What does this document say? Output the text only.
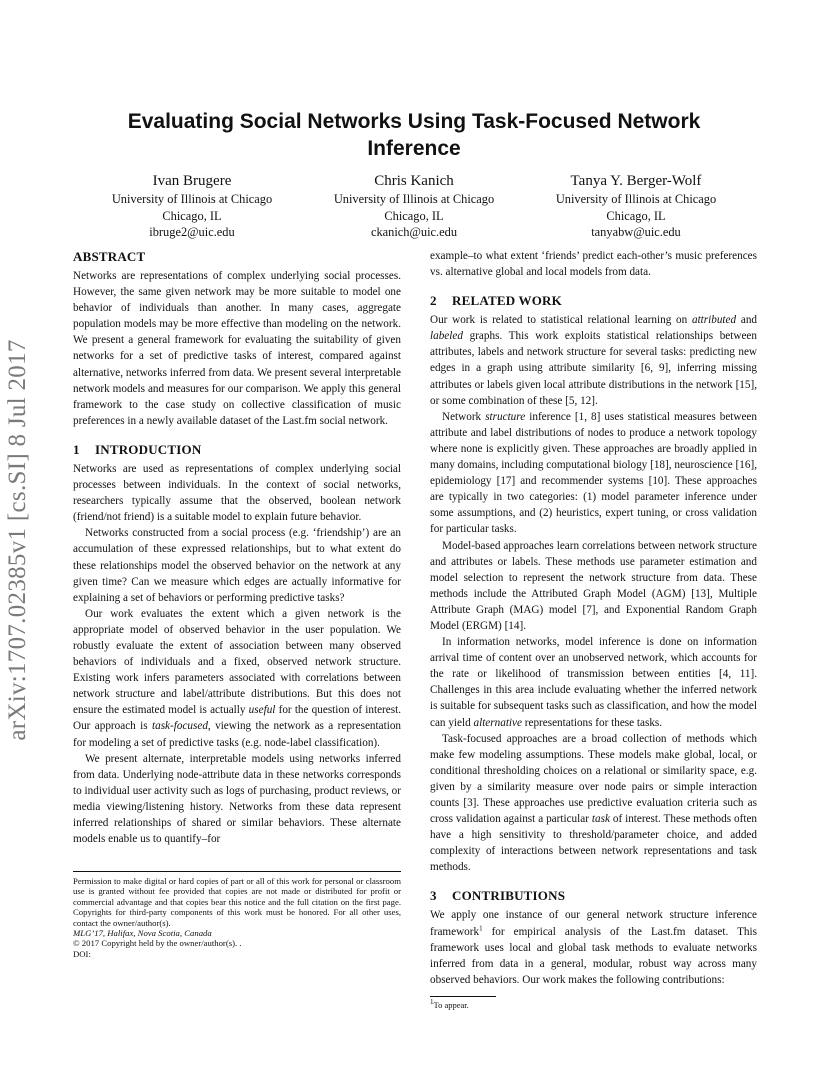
arXiv:1707.02385v1 [cs.SI] 8 Jul 2017
Evaluating Social Networks Using Task-Focused Network Inference
Ivan Brugere
University of Illinois at Chicago
Chicago, IL
ibruge2@uic.edu
Chris Kanich
University of Illinois at Chicago
Chicago, IL
ckanich@uic.edu
Tanya Y. Berger-Wolf
University of Illinois at Chicago
Chicago, IL
tanyabw@uic.edu
ABSTRACT

Networks are representations of complex underlying social processes. However, the same given network may be more suitable to model one behavior of individuals than another. In many cases, aggregate population models may be more effective than modeling on the network. We present a general framework for evaluating the suitability of given networks for a set of predictive tasks of interest, compared against alternative, networks inferred from data. We present several interpretable network models and measures for our comparison. We apply this general framework to the case study on collective classification of music preferences in a newly available dataset of the Last.fm social network.

1 INTRODUCTION

Networks are used as representations of complex underlying social processes between individuals. In the context of social networks, researchers typically assume that the observed, boolean network (friend/not friend) is a suitable model to explain future behavior.

Networks constructed from a social process (e.g. ‘friendship’) are an accumulation of these expressed relationships, but to what extent do these relationships model the observed behavior on the network at any given time? Can we measure which edges are actually informative for explaining a set of behaviors or performing predictive tasks?

Our work evaluates the extent which a given network is the appropriate model of observed behavior in the user population. We robustly evaluate the extent of association between many observed behaviors of individuals and a fixed, observed network structure. Existing work infers parameters associated with correlations between network structure and label/attribute distributions. But this does not ensure the estimated model is actually useful for the question of interest. Our approach is task-focused, viewing the network as a representation for modeling a set of predictive tasks (e.g. node-label classification).

We present alternate, interpretable models using networks inferred from data. Underlying node-attribute data in these networks corresponds to individual user activity such as logs of purchasing, product reviews, or media viewing/listening history. Networks from these data represent inferred relationships of shared or similar behaviors. These alternate models enable us to quantify–for

Permission to make digital or hard copies of part or all of this work for personal or classroom use is granted without fee provided that copies are not made or distributed for profit or commercial advantage and that copies bear this notice and the full citation on the first page. Copyrights for third-party components of this work must be honored. For all other uses, contact the owner/author(s).

MLG’17, Halifax, Nova Scotia, Canada
© 2017 Copyright held by the owner/author(s). .
DOI:

example–to what extent ‘friends’ predict each-other’s music preferences vs. alternative global and local models from data.

2 RELATED WORK

Our work is related to statistical relational learning on attributed and labeled graphs. This work exploits statistical relationships between attributes, labels and network structure for several tasks: predicting new edges in a graph using attribute similarity [6, 9], inferring missing attributes or labels given local attribute distributions in the network [15], or some combination of these [5, 12].

Network structure inference [1, 8] uses statistical measures between attribute and label distributions of nodes to produce a network topology where none is explicitly given. These approaches are broadly applied in many domains, including computational biology [18], neuroscience [16], epidemiology [17] and recommender systems [10]. These approaches are typically in two categories: (1) model parameter inference under some assumptions, and (2) heuristics, expert tuning, or cross validation for particular tasks.

Model-based approaches learn correlations between network structure and attributes or labels. These methods use parameter estimation and model selection to represent the network structure from data. These methods include the Attributed Graph Model (AGM) [13], Multiple Attribute Graph (MAG) model [7], and Exponential Random Graph Model (ERGM) [14].

In information networks, model inference is done on information arrival time of content over an unobserved network, which accounts for the rate or likelihood of transmission between entities [4, 11]. Challenges in this area include evaluating whether the inferred network is suitable for subsequent tasks such as classification, and how the model can yield alternative representations for these tasks.

Task-focused approaches are a broad collection of methods which make few modeling assumptions. These models make global, local, or conditional thresholding choices on a relational or similarity space, e.g. given by a similarity measure over node pairs or simple interaction counts [3]. These approaches use predictive evaluation criteria such as cross validation against a particular task of interest. These methods often have a high sensitivity to threshold/parameter choice, and added complexity of interactions between network representations and task methods.

3 CONTRIBUTIONS

We apply one instance of our general network structure inference framework$^1$ for empirical analysis of the Last.fm dataset. This framework uses local and global task methods to evaluate networks inferred from data in a general, modular, robust way across many observed behaviors. Our work makes the following contributions:

$^1$To appear.
